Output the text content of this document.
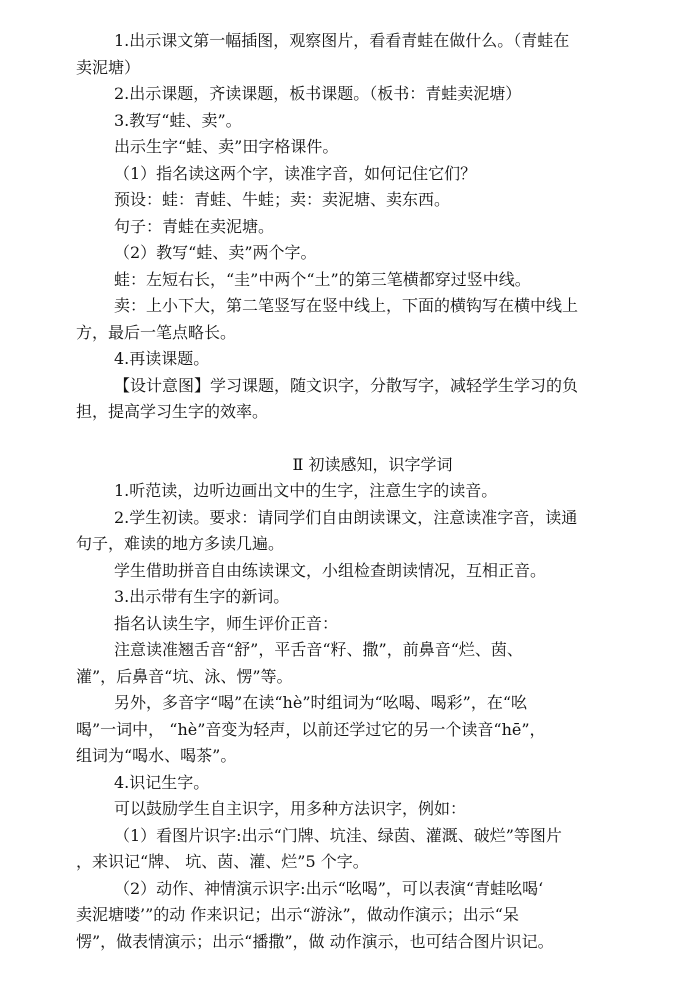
1.出示课文第一幅插图，观察图片，看看青蛙在做什么。（青蛙在

卖泥塘）

2.出示课题，齐读课题，板书课题。（板书：青蛙卖泥塘）

3.教写“蛙、卖”。

出示生字“蛙、卖”田字格课件。

（1）指名读这两个字，读准字音，如何记住它们？

预设：蛙：青蛙、牛蛙；卖：卖泥塘、卖东西。

句子：青蛙在卖泥塘。

（2）教写“蛙、卖”两个字。

蛙：左短右长，“圭”中两个“土”的第三笔横都穿过竖中线。

卖：上小下大，第二笔竖写在竖中线上，下面的横钩写在横中线上

方，最后一笔点略长。

4.再读课题。

【设计意图】学习课题，随文识字，分散写字，减轻学生学习的负

担，提高学习生字的效率。

Ⅱ 初读感知，识字学词

1.听范读，边听边画出文中的生字，注意生字的读音。

2.学生初读。要求：请同学们自由朗读课文，注意读准字音，读通

句子，难读的地方多读几遍。

学生借助拼音自由练读课文，小组检查朗读情况，互相正音。

3.出示带有生字的新词。

指名认读生字，师生评价正音：

注意读准翘舌音“舒”，平舌音“籽、撒”，前鼻音“烂、茵、

灌”，后鼻音“坑、泳、愣”等。

另外，多音字“喝”在读“hè”时组词为“吆喝、喝彩”，在“吆

喝”一词中， “hè”音变为轻声，以前还学过它的另一个读音“hē”，

组词为“喝水、喝茶”。

4.识记生字。

可以鼓励学生自主识字，用多种方法识字，例如：

（1）看图片识字:出示“门牌、坑洼、绿茵、灌溉、破烂”等图片

，来识记“牌、 坑、茵、灌、烂”5 个字。

（2）动作、神情演示识字:出示“吆喝”，可以表演“青蛙吆喝‘

卖泥塘喽’”的动 作来识记；出示“游泳”，做动作演示；出示“呆

愣”，做表情演示；出示“播撒”，做 动作演示，也可结合图片识记。
